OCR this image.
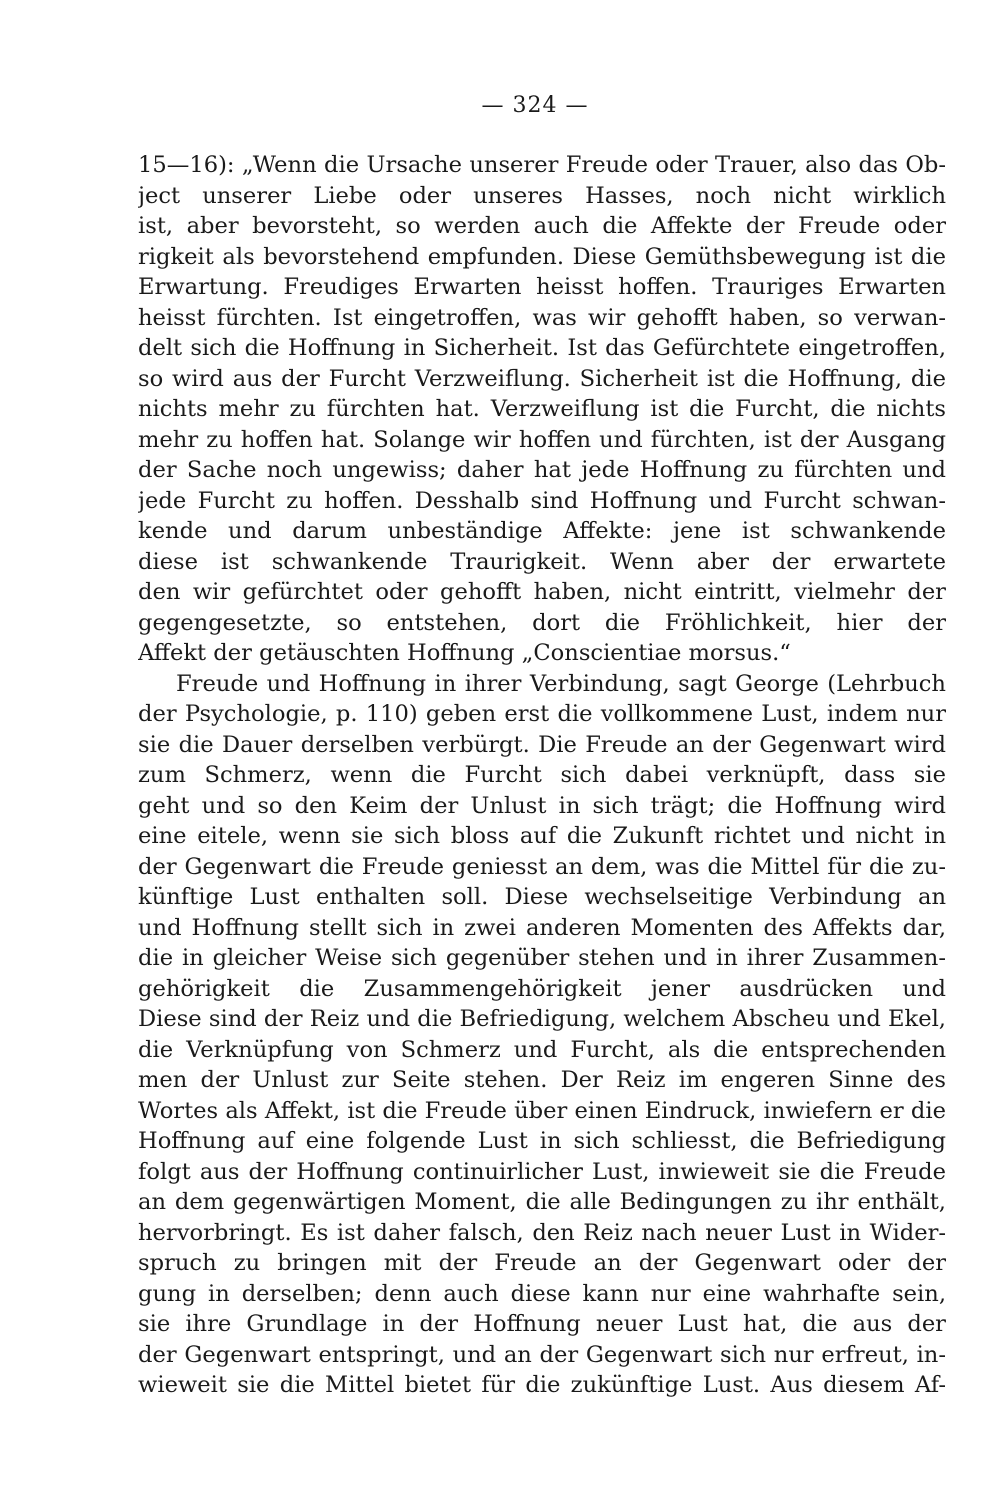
— 324 —
15—16): „Wenn die Ursache unserer Freude oder Trauer, also das Ob-
ject unserer Liebe oder unseres Hasses, noch nicht wirklich
ist, aber bevorsteht, so werden auch die Affekte der Freude oder
rigkeit als bevorstehend empfunden. Diese Gemüthsbewegung ist die
Erwartung. Freudiges Erwarten heisst hoffen. Trauriges Erwarten
heisst fürchten. Ist eingetroffen, was wir gehofft haben, so verwan-
delt sich die Hoffnung in Sicherheit. Ist das Gefürchtete eingetroffen,
so wird aus der Furcht Verzweiflung. Sicherheit ist die Hoffnung, die
nichts mehr zu fürchten hat. Verzweiflung ist die Furcht, die nichts
mehr zu hoffen hat. Solange wir hoffen und fürchten, ist der Ausgang
der Sache noch ungewiss; daher hat jede Hoffnung zu fürchten und
jede Furcht zu hoffen. Desshalb sind Hoffnung und Furcht schwan-
kende und darum unbeständige Affekte: jene ist schwankende
diese ist schwankende Traurigkeit. Wenn aber der erwartete
den wir gefürchtet oder gehofft haben, nicht eintritt, vielmehr der
gegengesetzte, so entstehen, dort die Fröhlichkeit, hier der
Affekt der getäuschten Hoffnung „Conscientiae morsus.“
Freude und Hoffnung in ihrer Verbindung, sagt George (Lehrbuch
der Psychologie, p. 110) geben erst die vollkommene Lust, indem nur
sie die Dauer derselben verbürgt. Die Freude an der Gegenwart wird
zum Schmerz, wenn die Furcht sich dabei verknüpft, dass sie
geht und so den Keim der Unlust in sich trägt; die Hoffnung wird
eine eitele, wenn sie sich bloss auf die Zukunft richtet und nicht in
der Gegenwart die Freude geniesst an dem, was die Mittel für die zu-
künftige Lust enthalten soll. Diese wechselseitige Verbindung an
und Hoffnung stellt sich in zwei anderen Momenten des Affekts dar,
die in gleicher Weise sich gegenüber stehen und in ihrer Zusammen-
gehörigkeit die Zusammengehörigkeit jener ausdrücken und
Diese sind der Reiz und die Befriedigung, welchem Abscheu und Ekel,
die Verknüpfung von Schmerz und Furcht, als die entsprechenden
men der Unlust zur Seite stehen. Der Reiz im engeren Sinne des
Wortes als Affekt, ist die Freude über einen Eindruck, inwiefern er die
Hoffnung auf eine folgende Lust in sich schliesst, die Befriedigung
folgt aus der Hoffnung continuirlicher Lust, inwieweit sie die Freude
an dem gegenwärtigen Moment, die alle Bedingungen zu ihr enthält,
hervorbringt. Es ist daher falsch, den Reiz nach neuer Lust in Wider-
spruch zu bringen mit der Freude an der Gegenwart oder der
gung in derselben; denn auch diese kann nur eine wahrhafte sein,
sie ihre Grundlage in der Hoffnung neuer Lust hat, die aus der
der Gegenwart entspringt, und an der Gegenwart sich nur erfreut, in-
wieweit sie die Mittel bietet für die zukünftige Lust. Aus diesem Af-
